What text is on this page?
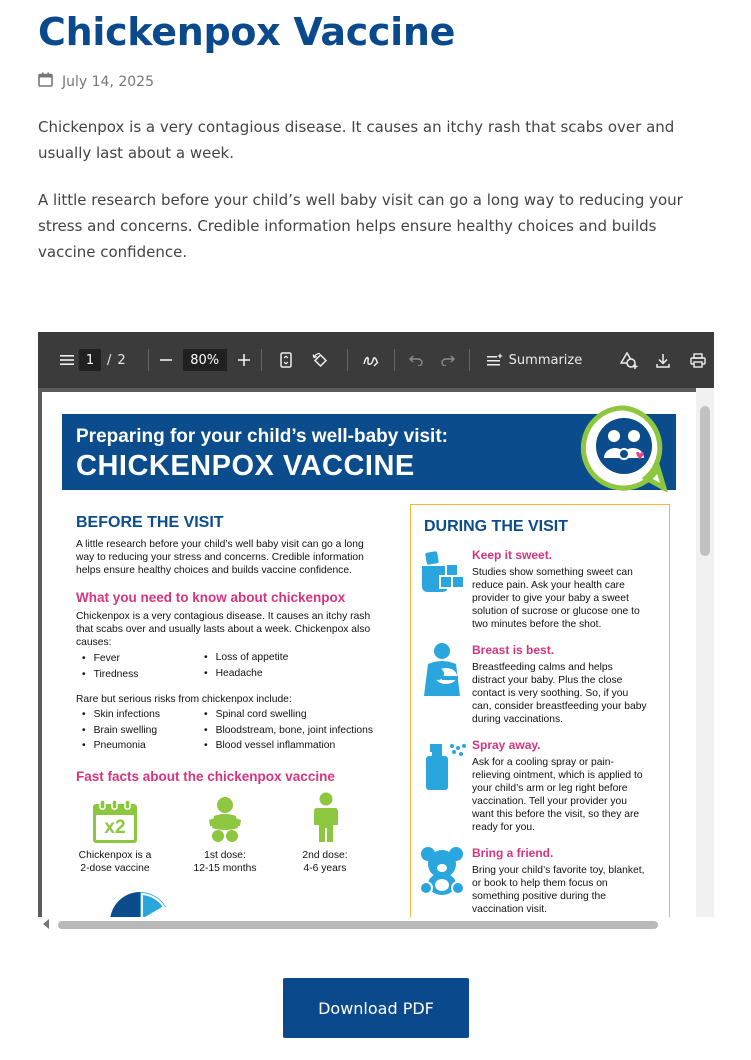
Chickenpox Vaccine
July 14, 2025

Chickenpox is a very contagious disease. It causes an itchy rash that scabs over and usually last about a week.

A little research before your child’s well baby visit can go a long way to reducing your stress and concerns. Credible information helps ensure healthy choices and builds vaccine confidence.

1 / 2	80%	Summarize
Preparing for your child’s well-baby visit:
CHICKENPOX VACCINE
BEFORE THE VISIT
A little research before your child’s well baby visit can go a long
way to reducing your stress and concerns. Credible information
helps ensure healthy choices and builds vaccine confidence.
What you need to know about chickenpox
Chickenpox is a very contagious disease. It causes an itchy rash
that scabs over and usually lasts about a week. Chickenpox also
causes:
• Fever
• Tiredness
• Loss of appetite
• Headache
Rare but serious risks from chickenpox include:
• Skin infections
• Brain swelling
• Pneumonia
• Spinal cord swelling
• Bloodstream, bone, joint infections
• Blood vessel inflammation
Fast facts about the chickenpox vaccine
x2
Chickenpox is a
2-dose vaccine
1st dose:
12-15 months
2nd dose:
4-6 years
DURING THE VISIT
Keep it sweet.
Studies show something sweet can
reduce pain. Ask your health care
provider to give your baby a sweet
solution of sucrose or glucose one to
two minutes before the shot.
Breast is best.
Breastfeeding calms and helps
distract your baby. Plus the close
contact is very soothing. So, if you
can, consider breastfeeding your baby
during vaccinations.
Spray away.
Ask for a cooling spray or pain-
relieving ointment, which is applied to
your child’s arm or leg right before
vaccination. Tell your provider you
want this before the visit, so they are
ready for you.
Bring a friend.
Bring your child’s favorite toy, blanket,
or book to help them focus on
something positive during the
vaccination visit.
Download PDF
